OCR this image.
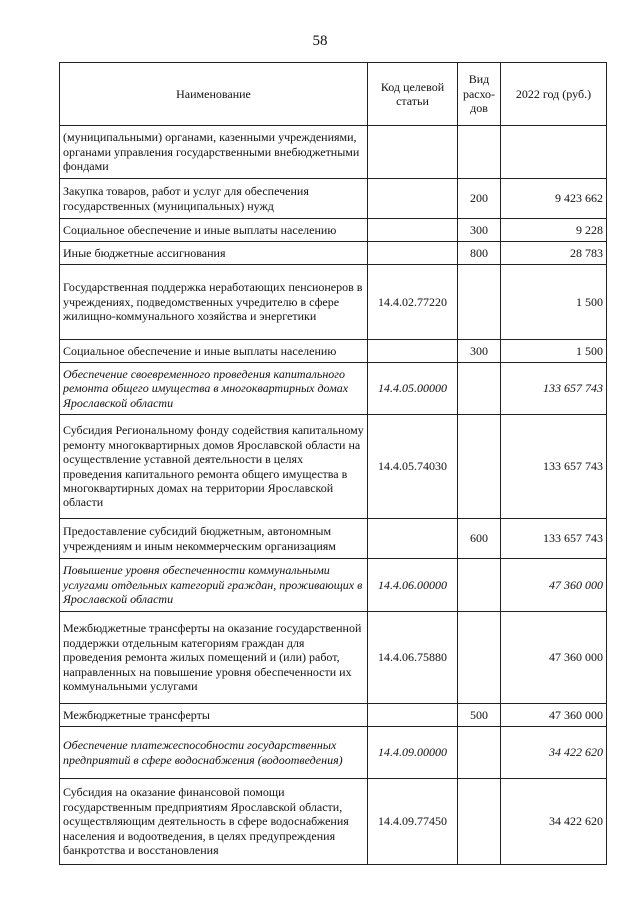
58
Наименование	Код целевой статьи	Вид расхо-дов	2022 год (руб.)
(муниципальными) органами, казенными учреждениями, органами управления государственными внебюджетными фондами			
Закупка товаров, работ и услуг для обеспечения государственных (муниципальных) нужд		200	9 423 662
Социальное обеспечение и иные выплаты населению		300	9 228
Иные бюджетные ассигнования		800	28 783
Государственная поддержка неработающих пенсионеров в учреждениях, подведомственных учредителю в сфере жилищно-коммунального хозяйства и энергетики	14.4.02.77220		1 500
Социальное обеспечение и иные выплаты населению		300	1 500
Обеспечение своевременного проведения капитального ремонта общего имущества в многоквартирных домах Ярославской области	14.4.05.00000		133 657 743
Субсидия Региональному фонду содействия капитальному ремонту многоквартирных домов Ярославской области на осуществление уставной деятельности в целях проведения капитального ремонта общего имущества в многоквартирных домах на территории Ярославской области	14.4.05.74030		133 657 743
Предоставление субсидий бюджетным, автономным учреждениям и иным некоммерческим организациям		600	133 657 743
Повышение уровня обеспеченности коммунальными услугами отдельных категорий граждан, проживающих в Ярославской области	14.4.06.00000		47 360 000
Межбюджетные трансферты на оказание государственной поддержки отдельным категориям граждан для проведения ремонта жилых помещений и (или) работ, направленных на повышение уровня обеспеченности их коммунальными услугами	14.4.06.75880		47 360 000
Межбюджетные трансферты		500	47 360 000
Обеспечение платежеспособности государственных предприятий в сфере водоснабжения (водоотведения)	14.4.09.00000		34 422 620
Субсидия на оказание финансовой помощи государственным предприятиям Ярославской области, осуществляющим деятельность в сфере водоснабжения населения и водоотведения, в целях предупреждения банкротства и восстановления	14.4.09.77450		34 422 620
